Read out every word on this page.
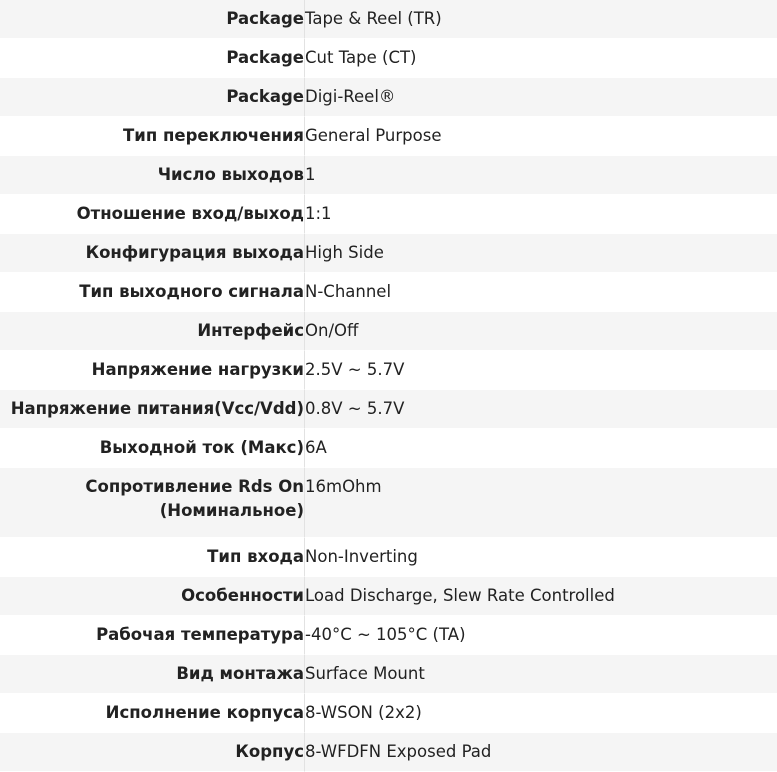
Package	Tape & Reel (TR)
Package	Cut Tape (CT)
Package	Digi-Reel®
Тип переключения	General Purpose
Число выходов	1
Отношение вход/выход	1:1
Конфигурация выхода	High Side
Тип выходного сигнала	N-Channel
Интерфейс	On/Off
Напряжение нагрузки	2.5V ~ 5.7V
Напряжение питания(Vcc/Vdd)	0.8V ~ 5.7V
Выходной ток (Макс)	6A
Сопротивление Rds On (Номинальное)	16mOhm
Тип входа	Non-Inverting
Особенности	Load Discharge, Slew Rate Controlled
Рабочая температура	-40°C ~ 105°C (TA)
Вид монтажа	Surface Mount
Исполнение корпуса	8-WSON (2x2)
Корпус	8-WFDFN Exposed Pad
